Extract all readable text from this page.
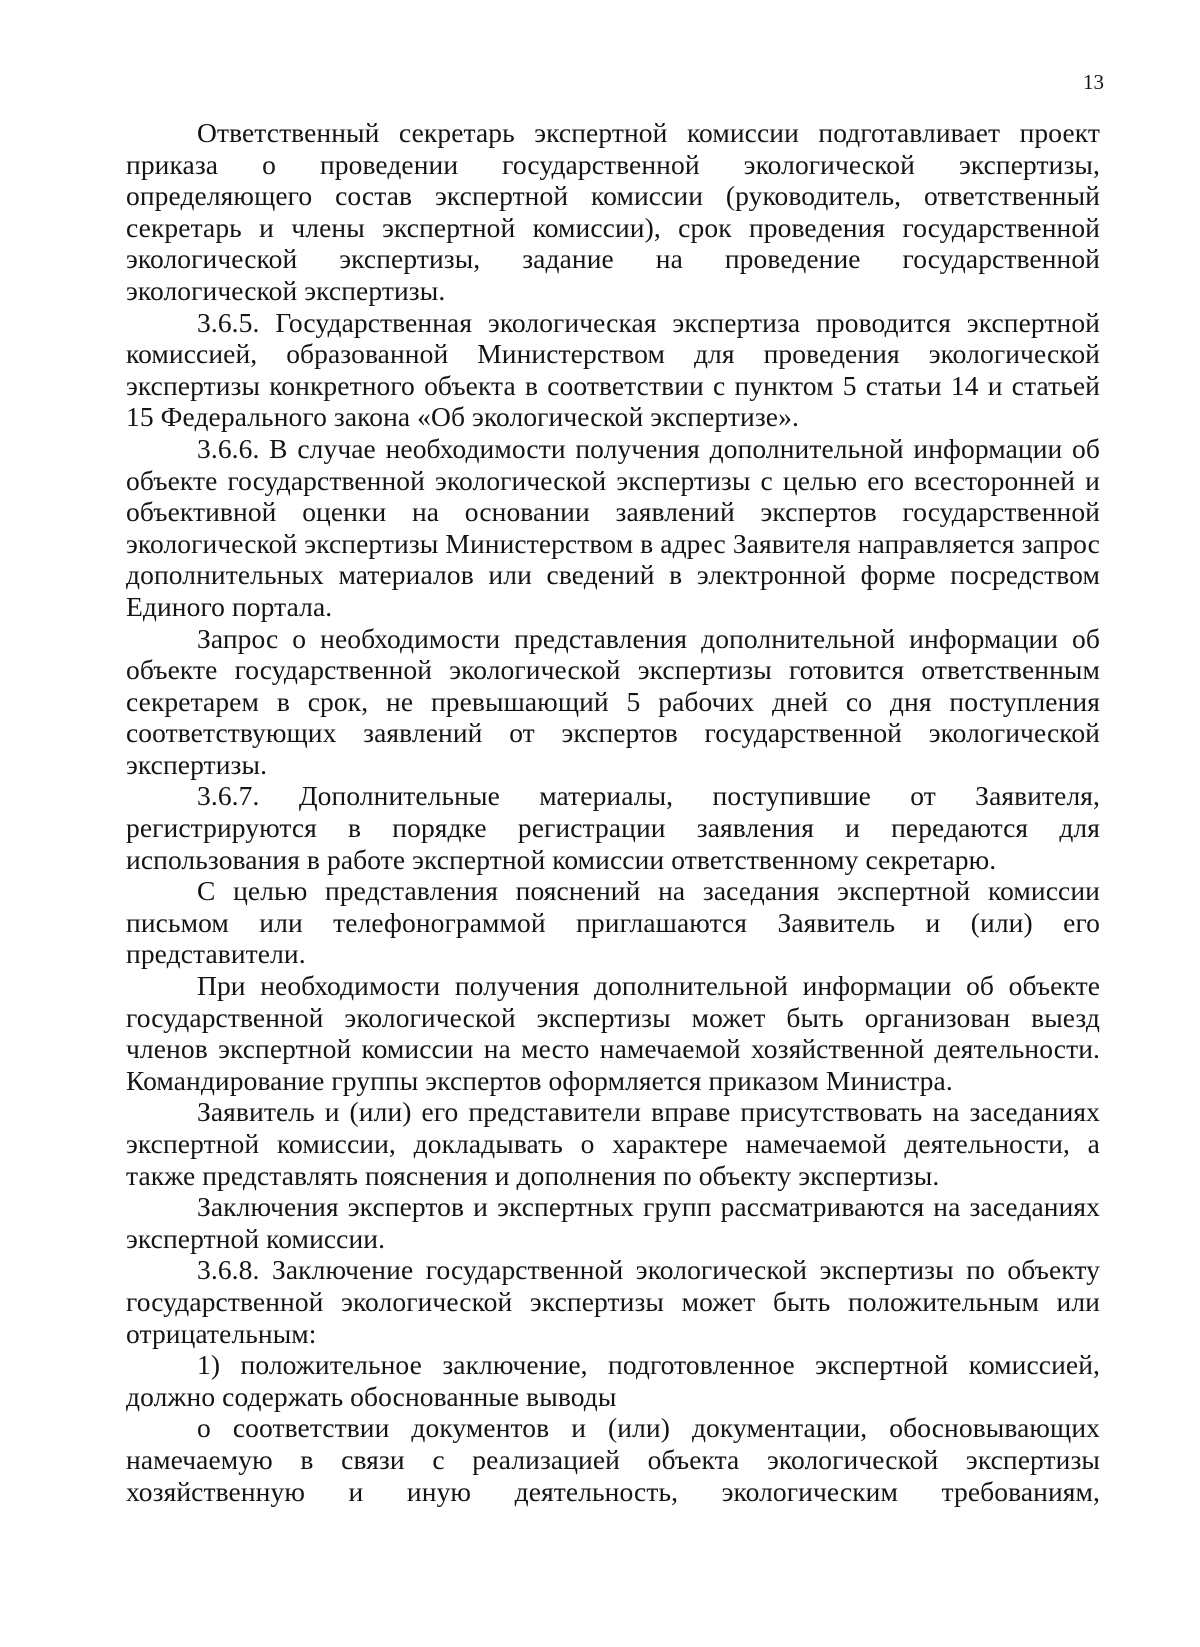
13

Ответственный секретарь экспертной комиссии подготавливает проект приказа о проведении государственной экологической экспертизы, определяющего состав экспертной комиссии (руководитель, ответственный секретарь и члены экспертной комиссии), срок проведения государственной экологической экспертизы, задание на проведение государственной экологической экспертизы.

3.6.5. Государственная экологическая экспертиза проводится экспертной комиссией, образованной Министерством для проведения экологической экспертизы конкретного объекта в соответствии с пунктом 5 статьи 14 и статьей 15 Федерального закона «Об экологической экспертизе».

3.6.6. В случае необходимости получения дополнительной информации об объекте государственной экологической экспертизы с целью его всесторонней и объективной оценки на основании заявлений экспертов государственной экологической экспертизы Министерством в адрес Заявителя направляется запрос дополнительных материалов или сведений в электронной форме посредством Единого портала.

Запрос о необходимости представления дополнительной информации об объекте государственной экологической экспертизы готовится ответственным секретарем в срок, не превышающий 5 рабочих дней со дня поступления соответствующих заявлений от экспертов государственной экологической экспертизы.

3.6.7. Дополнительные материалы, поступившие от Заявителя, регистрируются в порядке регистрации заявления и передаются для использования в работе экспертной комиссии ответственному секретарю.

С целью представления пояснений на заседания экспертной комиссии письмом или телефонограммой приглашаются Заявитель и (или) его представители.

При необходимости получения дополнительной информации об объекте государственной экологической экспертизы может быть организован выезд членов экспертной комиссии на место намечаемой хозяйственной деятельности. Командирование группы экспертов оформляется приказом Министра.

Заявитель и (или) его представители вправе присутствовать на заседаниях экспертной комиссии, докладывать о характере намечаемой деятельности, а также представлять пояснения и дополнения по объекту экспертизы.

Заключения экспертов и экспертных групп рассматриваются на заседаниях экспертной комиссии.

3.6.8. Заключение государственной экологической экспертизы по объекту государственной экологической экспертизы может быть положительным или отрицательным:

1) положительное заключение, подготовленное экспертной комиссией, должно содержать обоснованные выводы

о соответствии документов и (или) документации, обосновывающих намечаемую в связи с реализацией объекта экологической экспертизы хозяйственную и иную деятельность, экологическим требованиям,
